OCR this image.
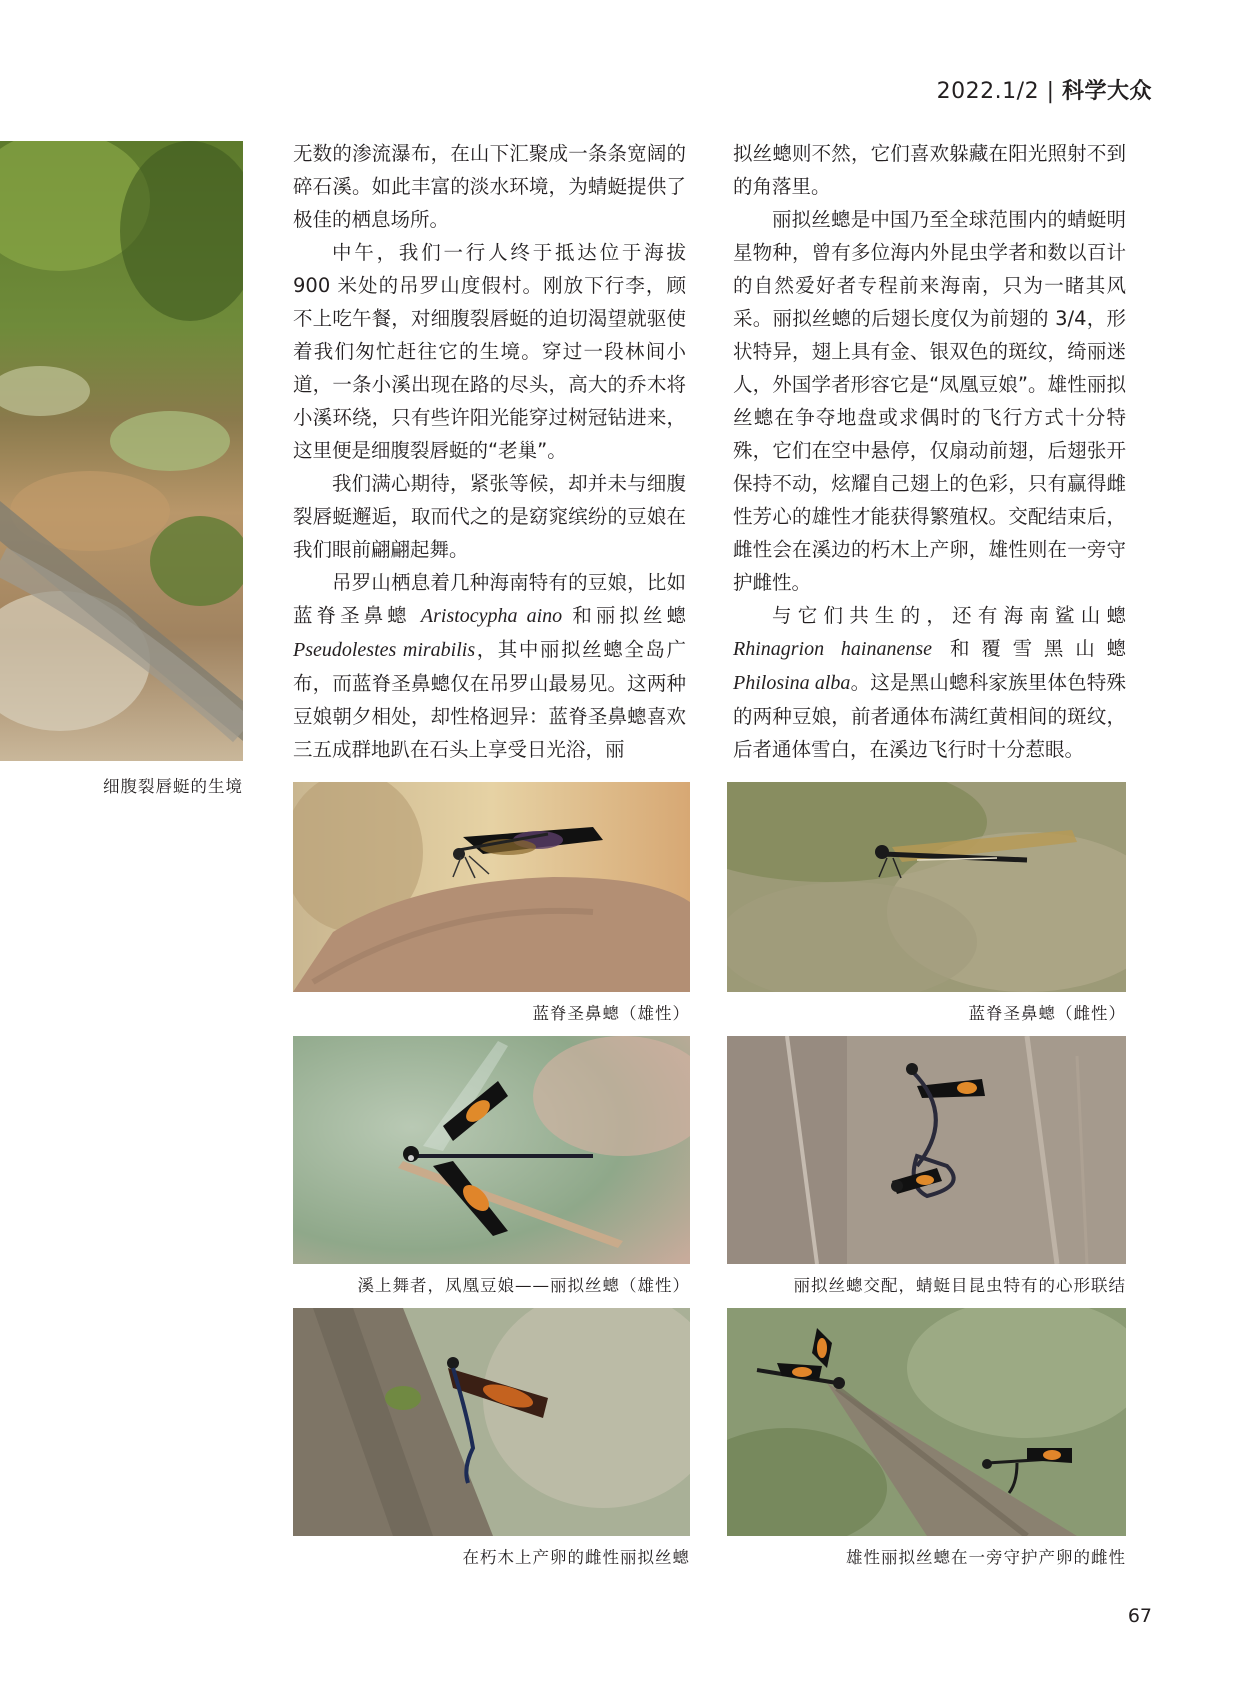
2022.1/2 | 科学大众
细腹裂唇蜓的生境

无数的渗流瀑布，在山下汇聚成一条条宽阔的碎石溪。如此丰富的淡水环境，为蜻蜓提供了极佳的栖息场所。

中午，我们一行人终于抵达位于海拔 900 米处的吊罗山度假村。刚放下行李，顾不上吃午餐，对细腹裂唇蜓的迫切渴望就驱使着我们匆忙赶往它的生境。穿过一段林间小道，一条小溪出现在路的尽头，高大的乔木将小溪环绕，只有些许阳光能穿过树冠钻进来，这里便是细腹裂唇蜓的“老巢”。

我们满心期待，紧张等候，却并未与细腹裂唇蜓邂逅，取而代之的是窈窕缤纷的豆娘在我们眼前翩翩起舞。

吊罗山栖息着几种海南特有的豆娘，比如蓝脊圣鼻蟌 Aristocypha aino 和丽拟丝蟌 Pseudolestes mirabilis，其中丽拟丝蟌全岛广布，而蓝脊圣鼻蟌仅在吊罗山最易见。这两种豆娘朝夕相处，却性格迥异：蓝脊圣鼻蟌喜欢三五成群地趴在石头上享受日光浴，丽

拟丝蟌则不然，它们喜欢躲藏在阳光照射不到的角落里。

丽拟丝蟌是中国乃至全球范围内的蜻蜓明星物种，曾有多位海内外昆虫学者和数以百计的自然爱好者专程前来海南，只为一睹其风采。丽拟丝蟌的后翅长度仅为前翅的 3/4，形状特异，翅上具有金、银双色的斑纹，绮丽迷人，外国学者形容它是“凤凰豆娘”。雄性丽拟丝蟌在争夺地盘或求偶时的飞行方式十分特殊，它们在空中悬停，仅扇动前翅，后翅张开保持不动，炫耀自己翅上的色彩，只有赢得雌性芳心的雄性才能获得繁殖权。交配结束后，雌性会在溪边的朽木上产卵，雄性则在一旁守护雌性。

与它们共生的，还有海南鲨山蟌 Rhinagrion hainanense 和覆雪黑山蟌 Philosina alba。这是黑山蟌科家族里体色特殊的两种豆娘，前者通体布满红黄相间的斑纹，后者通体雪白，在溪边飞行时十分惹眼。

蓝脊圣鼻蟌（雄性）	蓝脊圣鼻蟌（雌性）
溪上舞者，凤凰豆娘——丽拟丝蟌（雄性）	丽拟丝蟌交配，蜻蜓目昆虫特有的心形联结
在朽木上产卵的雌性丽拟丝蟌	雄性丽拟丝蟌在一旁守护产卵的雌性
67
